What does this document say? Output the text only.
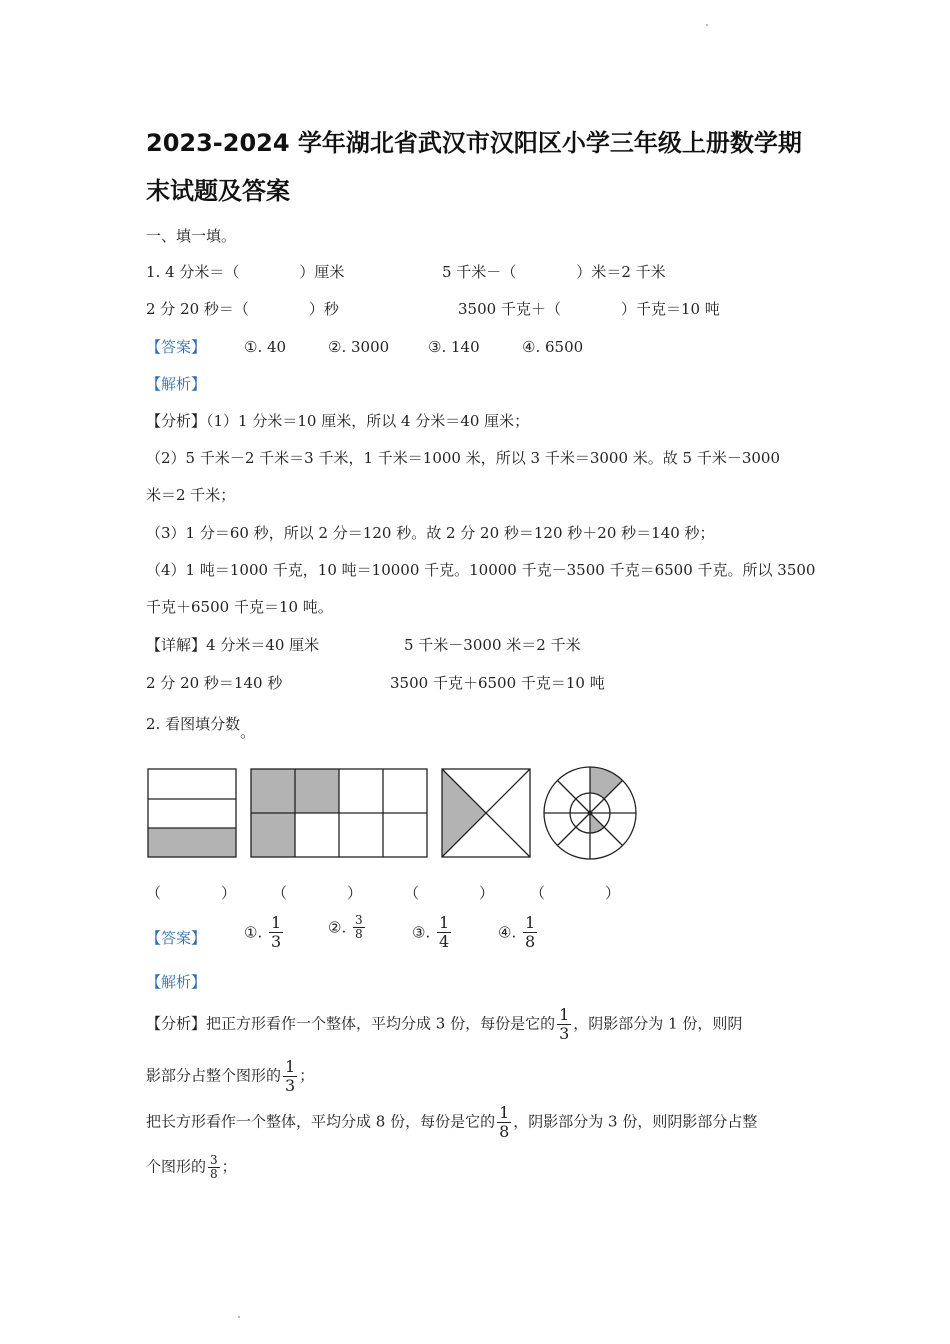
2023-2024 学年湖北省武汉市汉阳区小学三年级上册数学期
末试题及答案
一、填一填。
1. 4 分米＝（　　　　）厘米	5 千米－（　　　　）米＝2 千米
2 分 20 秒＝（　　　　）秒	3500 千克＋（　　　　）千克＝10 吨
【答案】	①. 40	②. 3000	③. 140	④. 6500
【解析】
【分析】（1）1 分米＝10 厘米，所以 4 分米＝40 厘米；
（2）5 千米－2 千米＝3 千米，1 千米＝1000 米，所以 3 千米＝3000 米。故 5 千米－3000
米＝2 千米；
（3）1 分＝60 秒，所以 2 分＝120 秒。故 2 分 20 秒＝120 秒＋20 秒＝140 秒；
（4）1 吨＝1000 千克，10 吨＝10000 千克。10000 千克－3500 千克＝6500 千克。所以 3500
千克＋6500 千克＝10 吨。
【详解】4 分米＝40 厘米	5 千米－3000 米＝2 千米
2 分 20 秒＝140 秒	3500 千克＋6500 千克＝10 吨
2. 看图填分数。
（　　　　） （　　　　）	（　　　　） （　　　　）
【答案】	①. $\frac{1}{3}$	②. $\frac{3}{8}$	③. $\frac{1}{4}$	④. $\frac{1}{8}$
【解析】
【分析】把正方形看作一个整体，平均分成 3 份，每份是它的 $\frac{1}{3}$ ，阴影部分为 1 份，则阴
影部分占整个图形的 $\frac{1}{3}$ ；
把长方形看作一个整体，平均分成 8 份，每份是它的 $\frac{1}{8}$ ，阴影部分为 3 份，则阴影部分占整
个图形的 $\frac{3}{8}$ ；
